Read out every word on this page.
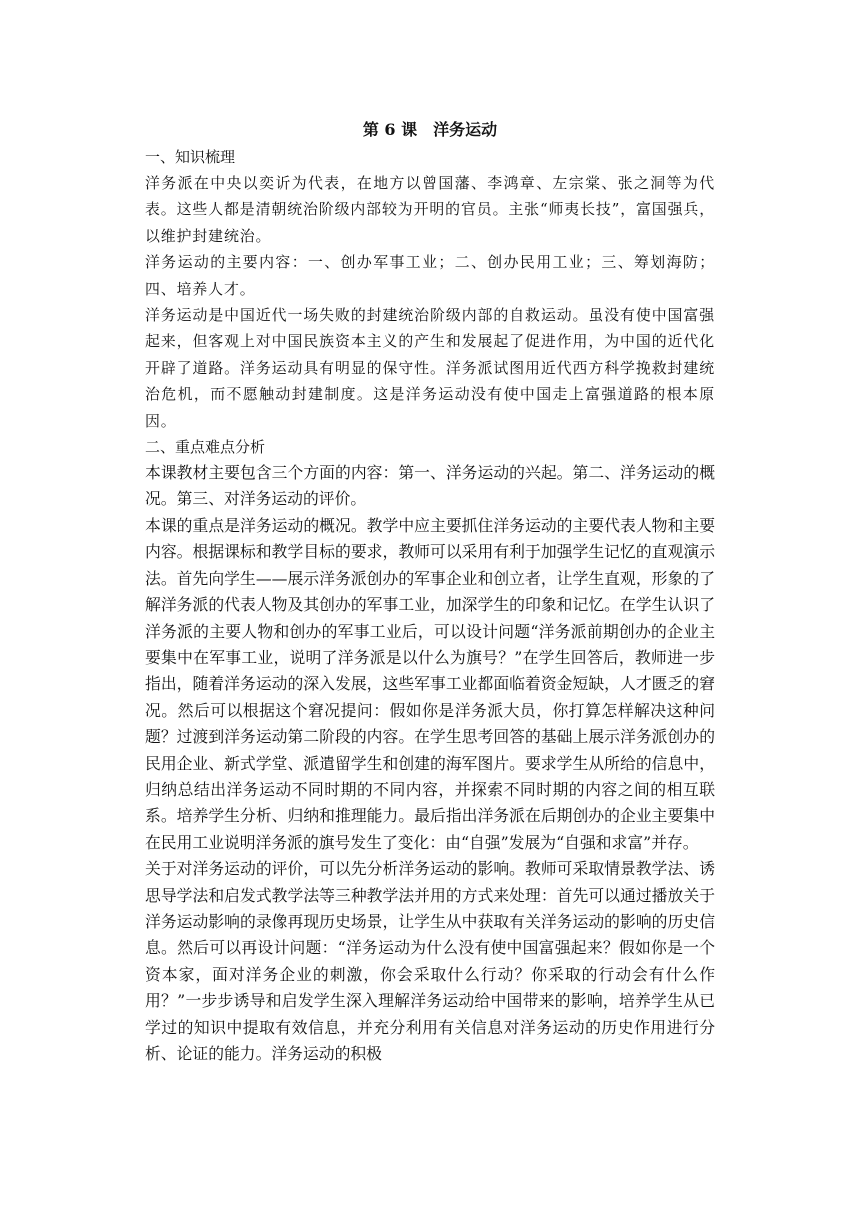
第 6 课　洋务运动
一、知识梳理

洋务派在中央以奕䜣为代表，在地方以曾国藩、李鸿章、左宗棠、张之洞等为代表。这些人都是清朝统治阶级内部较为开明的官员。主张“师夷长技”，富国强兵，以维护封建统治。

洋务运动的主要内容：一、创办军事工业；二、创办民用工业；三、筹划海防；四、培养人才。

洋务运动是中国近代一场失败的封建统治阶级内部的自救运动。虽没有使中国富强起来，但客观上对中国民族资本主义的产生和发展起了促进作用，为中国的近代化开辟了道路。洋务运动具有明显的保守性。洋务派试图用近代西方科学挽救封建统治危机，而不愿触动封建制度。这是洋务运动没有使中国走上富强道路的根本原因。

二、重点难点分析

本课教材主要包含三个方面的内容：第一、洋务运动的兴起。第二、洋务运动的概况。第三、对洋务运动的评价。

本课的重点是洋务运动的概况。教学中应主要抓住洋务运动的主要代表人物和主要内容。根据课标和教学目标的要求，教师可以采用有利于加强学生记忆的直观演示法。首先向学生——展示洋务派创办的军事企业和创立者，让学生直观，形象的了解洋务派的代表人物及其创办的军事工业，加深学生的印象和记忆。在学生认识了洋务派的主要人物和创办的军事工业后，可以设计问题“洋务派前期创办的企业主要集中在军事工业，说明了洋务派是以什么为旗号？”在学生回答后，教师进一步指出，随着洋务运动的深入发展，这些军事工业都面临着资金短缺，人才匮乏的窘况。然后可以根据这个窘况提问：假如你是洋务派大员，你打算怎样解决这种问题？过渡到洋务运动第二阶段的内容。在学生思考回答的基础上展示洋务派创办的民用企业、新式学堂、派遣留学生和创建的海军图片。要求学生从所给的信息中，归纳总结出洋务运动不同时期的不同内容，并探索不同时期的内容之间的相互联系。培养学生分析、归纳和推理能力。最后指出洋务派在后期创办的企业主要集中在民用工业说明洋务派的旗号发生了变化：由“自强”发展为“自强和求富”并存。

关于对洋务运动的评价，可以先分析洋务运动的影响。教师可采取情景教学法、诱思导学法和启发式教学法等三种教学法并用的方式来处理：首先可以通过播放关于洋务运动影响的录像再现历史场景，让学生从中获取有关洋务运动的影响的历史信息。然后可以再设计问题：“洋务运动为什么没有使中国富强起来？假如你是一个资本家，面对洋务企业的刺激，你会采取什么行动？你采取的行动会有什么作用？”一步步诱导和启发学生深入理解洋务运动给中国带来的影响，培养学生从已学过的知识中提取有效信息，并充分利用有关信息对洋务运动的历史作用进行分析、论证的能力。洋务运动的积极
